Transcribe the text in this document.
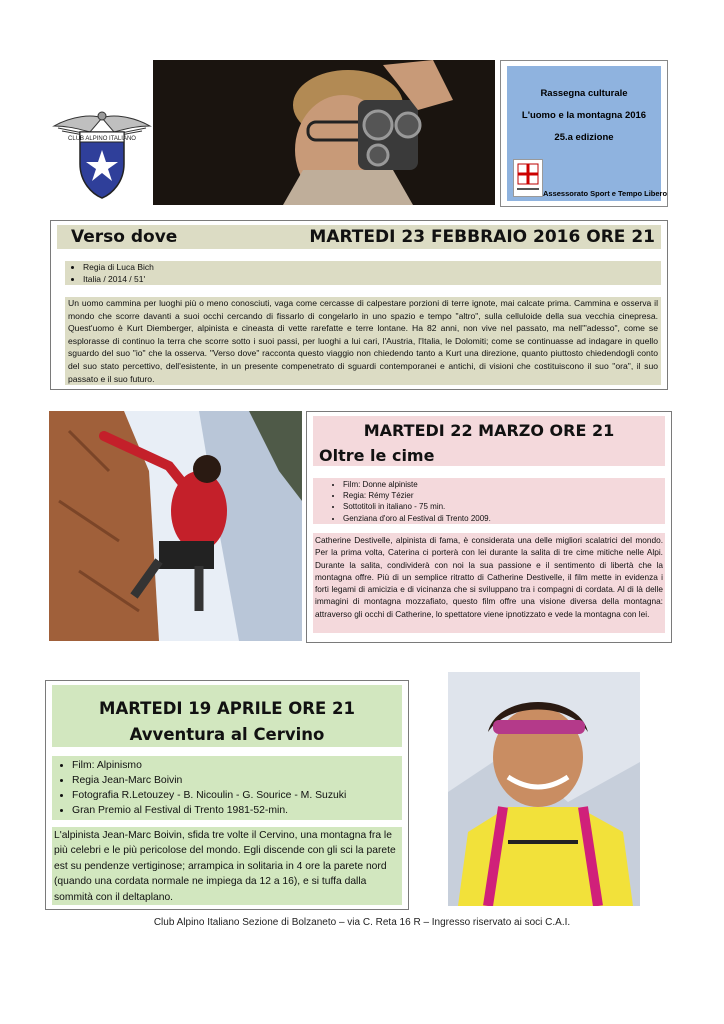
CLUB ALPINO ITALIANO
Rassegna culturale
L'uomo e la montagna 2016
25.a edizione
Assessorato Sport e Tempo Libero
Verso dove	MARTEDI 23 FEBBRAIO 2016 ORE 21
• Regia di Luca Bich
• Italia / 2014 / 51'
Un uomo cammina per luoghi più o meno conosciuti, vaga come cercasse di calpestare porzioni di terre ignote, mai calcate prima. Cammina e osserva il mondo che scorre davanti a suoi occhi cercando di fissarlo di congelarlo in uno spazio e tempo "altro", sulla celluloide della sua vecchia cinepresa. Quest'uomo è Kurt Diemberger, alpinista e cineasta di vette rarefatte e terre lontane. Ha 82 anni, non vive nel passato, ma nell'"adesso", come se esplorasse di continuo la terra che scorre sotto i suoi passi, per luoghi a lui cari, l'Austria, l'Italia, le Dolomiti; come se continuasse ad indagare in quello sguardo del suo "io" che la osserva. "Verso dove" racconta questo viaggio non chiedendo tanto a Kurt una direzione, quanto piuttosto chiedendogli conto del suo stato percettivo, dell'esistente, in un presente compenetrato di sguardi contemporanei e antichi, di visioni che costituiscono il suo "ora", il suo passato e il suo futuro.
MARTEDI 22 MARZO ORE 21
Oltre le cime
• Film: Donne alpiniste
• Regia: Rémy Tézier
• Sottotitoli in italiano - 75 min.
• Genziana d'oro al Festival di Trento 2009.
Catherine Destivelle, alpinista di fama, è considerata una delle migliori scalatrici del mondo. Per la prima volta, Caterina ci porterà con lei durante la salita di tre cime mitiche nelle Alpi. Durante la salita, condividerà con noi la sua passione e il sentimento di libertà che la montagna offre. Più di un semplice ritratto di Catherine Destivelle, il film mette in evidenza i forti legami di amicizia e di vicinanza che si sviluppano tra i compagni di cordata. Al di là delle immagini di montagna mozzafiato, questo film offre una visione diversa della montagna: attraverso gli occhi di Catherine, lo spettatore viene ipnotizzato e vede la montagna con lei.
MARTEDI 19 APRILE ORE 21
Avventura al Cervino
• Film: Alpinismo
• Regia Jean-Marc Boivin
• Fotografia R.Letouzey - B. Nicoulin - G. Sourice - M. Suzuki
• Gran Premio al Festival di Trento 1981-52-min.
L'alpinista Jean-Marc Boivin, sfida tre volte il Cervino, una montagna fra le più celebri e le più pericolose del mondo. Egli discende con gli sci la parete est su pendenze vertiginose; arrampica in solitaria in 4 ore la parete nord (quando una cordata normale ne impiega da 12 a 16), e si tuffa dalla sommità con il deltaplano.
Club Alpino Italiano Sezione di Bolzaneto – via C. Reta 16 R – Ingresso riservato ai soci C.A.I.
